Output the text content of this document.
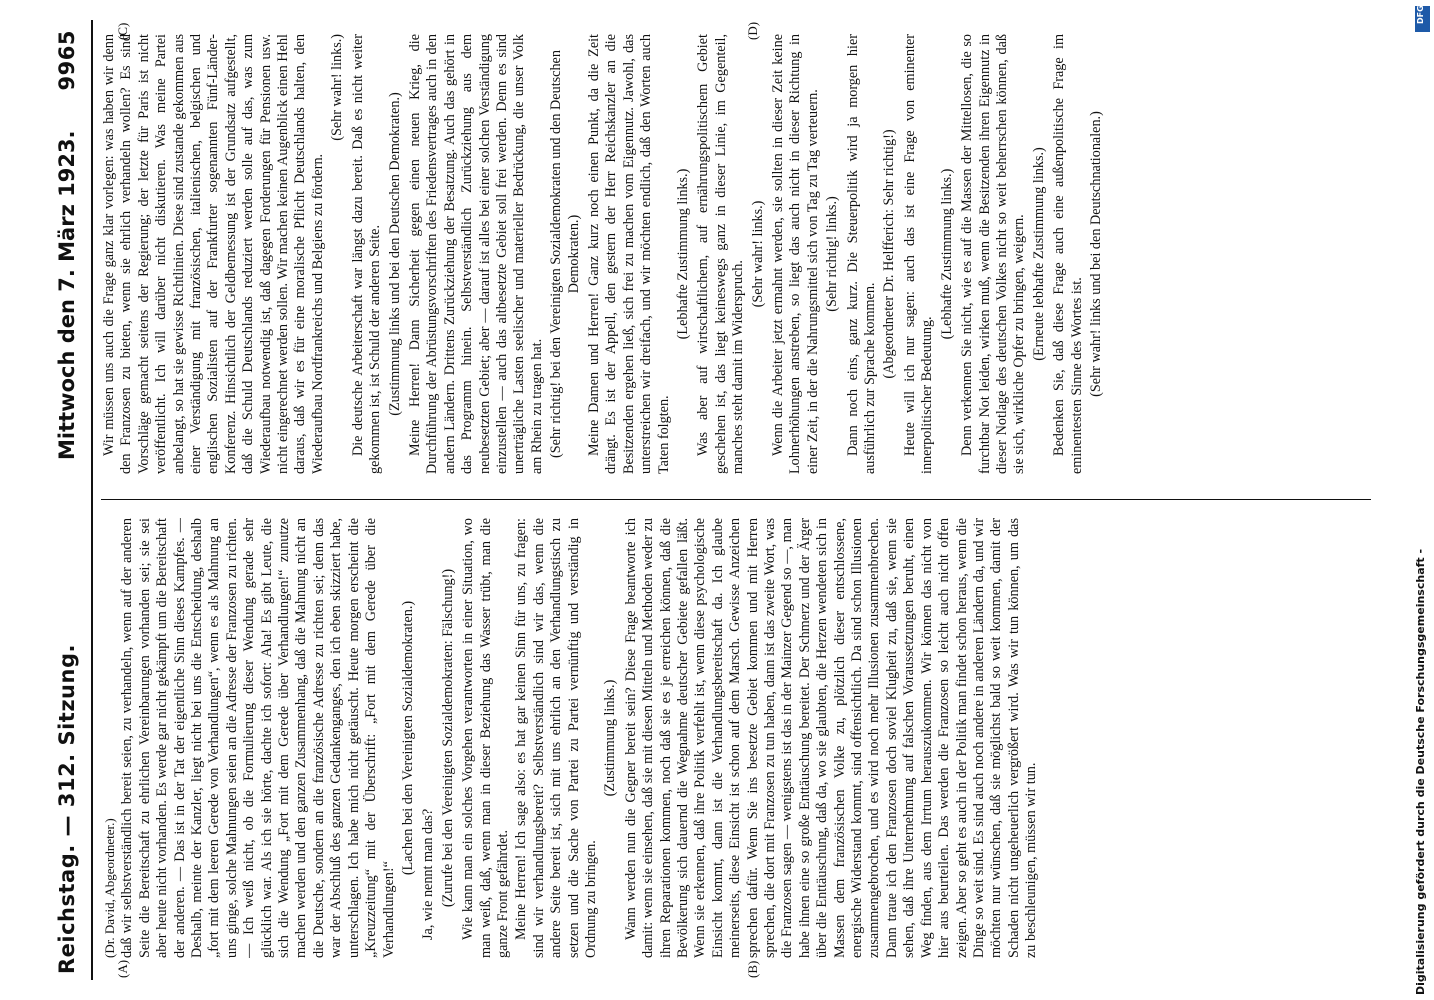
Reichstag. — 312. Sitzung.
Mittwoch den 7. März 1923.
9965
(A)	(B)
(C)	(D)

(Dr. David, Abgeordneter.) daß wir selbstverständlich bereit seien, zu verhandeln, wenn auf der anderen Seite die Bereitschaft zu ehrlichen Vereinbarungen vorhanden sei; sie sei aber heute nicht vorhanden. Es werde gar nicht gekämpft um die Bereitschaft der anderen. — Das ist in der Tat der eigentliche Sinn dieses Kampfes. — Deshalb, meinte der Kanzler, liegt nicht bei uns die Entscheidung, deshalb „fort mit dem leeren Gerede von Verhandlungen“, wenn es als Mahnung an uns ginge, solche Mahnungen seien an die Adresse der Franzosen zu richten. — Ich weiß nicht, ob die Formulierung dieser Wendung gerade sehr glücklich war. Als ich sie hörte, dachte ich sofort: Aha! Es gibt Leute, die sich die Wendung „Fort mit dem Gerede über Verhandlungen!“ zunutze machen werden und den ganzen Zusammenhang, daß die Mahnung nicht an die Deutsche, sondern an die französische Adresse zu richten sei; denn das war der Abschluß des ganzen Gedankenganges, den ich eben skizziert habe, unterschlagen. Ich habe mich nicht getäuscht. Heute morgen erscheint die „Kreuzzeitung“ mit der Überschrift: „Fort mit dem Gerede über die Verhandlungen!“

(Lachen bei den Vereinigten Sozialdemokraten.) Ja, wie nennt man das? (Zurufe bei den Vereinigten Sozialdemokraten: Fälschung!) Wie kann man ein solches Vorgehen verantworten in einer Situation, wo man weiß, daß, wenn man in dieser Beziehung das Wasser trübt, man die ganze Front gefährdet. Meine Herren! Ich sage also: es hat gar keinen Sinn für uns, zu fragen: sind wir verhandlungsbereit? Selbstverständlich sind wir das, wenn die andere Seite bereit ist, sich mit uns ehrlich an den Verhandlungstisch zu setzen und die Sache von Partei zu Partei vernünftig und verständig in Ordnung zu bringen.

(Zustimmung links.) Wann werden nun die Gegner bereit sein? Diese Frage beantworte ich damit: wenn sie einsehen, daß sie mit diesen Mitteln und Methoden weder zu ihren Reparationen kommen, noch daß sie es je erreichen können, daß die Bevölkerung sich dauernd die Wegnahme deutscher Gebiete gefallen läßt. Wenn sie erkennen, daß ihre Politik verfehlt ist, wenn diese psychologische Einsicht kommt, dann ist die Verhandlungsbereitschaft da. Ich glaube meinerseits, diese Einsicht ist schon auf dem Marsch. Gewisse Anzeichen sprechen dafür. Wenn Sie ins besetzte Gebiet kommen und mit Herren sprechen, die dort mit Franzosen zu tun haben, dann ist das zweite Wort, was die Franzosen sagen — wenigstens ist das in der Mainzer Gegend so —, man habe ihnen eine so große Enttäuschung bereitet. Der Schmerz und der Ärger über die Enttäuschung, daß da, wo sie glaubten, die Herzen wendeten sich in Massen dem französischen Volke zu, plötzlich dieser entschlossene, energische Widerstand kommt, sind offensichtlich. Da sind schon Illusionen zusammengebrochen, und es wird noch mehr Illusionen zusammenbrechen. Dann traue ich den Franzosen doch soviel Klugheit zu, daß sie, wenn sie sehen, daß ihre Unternehmung auf falschen Voraussetzungen beruht, einen Weg finden, aus dem Irrtum herauszukommen. Wir können das nicht von hier aus beurteilen. Das werden die Franzosen so leicht auch nicht offen zeigen. Aber so geht es auch in der Politik man findet schon heraus, wenn die Dinge so weit sind. Es sind auch noch andere in anderen Ländern da, und wir möchten nur wünschen, daß sie möglichst bald so weit kommen, damit der Schaden nicht ungeheuerlich vergrößert wird. Was wir tun können, um das zu beschleunigen, müssen wir tun.

Wir müssen uns auch die Frage ganz klar vorlegen: was haben wir denn den Franzosen zu bieten, wenn sie ehrlich verhandeln wollen? Es sind Vorschläge gemacht seitens der Regierung; der letzte für Paris ist nicht veröffentlicht. Ich will darüber nicht diskutieren. Was meine Partei anbelangt, so hat sie gewisse Richtlinien. Diese sind zustande gekommen aus einer Verständigung mit französischen, italienischen, belgischen und englischen Sozialisten auf der Frankfurter sogenannten Fünf-Länder-Konferenz. Hinsichtlich der Geldbemessung ist der Grundsatz aufgestellt, daß die Schuld Deutschlands reduziert werden solle auf das, was zum Wiederaufbau notwendig ist, daß dagegen Forderungen für Pensionen usw. nicht eingerechnet werden sollen. Wir machen keinen Augenblick einen Hehl daraus, daß wir es für eine moralische Pflicht Deutschlands halten, den Wiederaufbau Nordfrankreichs und Belgiens zu fördern.

(Sehr wahr! links.) Die deutsche Arbeiterschaft war längst dazu bereit. Daß es nicht weiter gekommen ist, ist Schuld der anderen Seite. (Zustimmung links und bei den Deutschen Demokraten.) Meine Herren! Dann Sicherheit gegen einen neuen Krieg, die Durchführung der Abrüstungsvorschriften des Friedensvertrages auch in den andern Ländern. Drittens Zurückziehung der Besatzung. Auch das gehört in das Programm hinein. Selbstverständlich Zurückziehung aus dem neubesetzten Gebiet; aber — darauf ist alles bei einer solchen Verständigung einzustellen — auch das altbesetzte Gebiet soll frei werden. Denn es sind unerträgliche Lasten seelischer und materieller Bedrückung, die unser Volk am Rhein zu tragen hat. (Sehr richtig! bei den Vereinigten Sozialdemokraten und den Deutschen Demokraten.) Meine Damen und Herren! Ganz kurz noch einen Punkt, da die Zeit drängt. Es ist der Appell, den gestern der Herr Reichskanzler an die Besitzenden ergehen ließ, sich frei zu machen vom Eigennutz. Jawohl, das unterstreichen wir dreifach, und wir möchten endlich, daß den Worten auch Taten folgten.

(Lebhafte Zustimmung links.) Was aber auf wirtschaftlichem, auf ernährungspolitischem Gebiet geschehen ist, das liegt keineswegs ganz in dieser Linie, im Gegenteil, manches steht damit im Widerspruch.

(Sehr wahr! links.) Wenn die Arbeiter jetzt ermahnt werden, sie sollten in dieser Zeit keine Lohnerhöhungen anstreben, so liegt das auch nicht in dieser Richtung in einer Zeit, in der die Nahrungsmittel sich von Tag zu Tag verteuern. (Sehr richtig! links.) Dann noch eins, ganz kurz. Die Steuerpolitik wird ja morgen hier ausführlich zur Sprache kommen. (Abgeordneter Dr. Helfferich: Sehr richtig!) Heute will ich nur sagen: auch das ist eine Frage von eminenter innerpolitischer Bedeutung.

(Lebhafte Zustimmung links.) Denn verkennen Sie nicht, wie es auf die Massen der Mittellosen, die so furchtbar Not leiden, wirken muß, wenn die Besitzenden ihren Eigennutz in dieser Notlage des deutschen Volkes nicht so weit beherrschen können, daß sie sich, wirkliche Opfer zu bringen, weigern. (Erneute lebhafte Zustimmung links.) Bedenken Sie, daß diese Frage auch eine außenpolitische Frage im eminentesten Sinne des Wortes ist. (Sehr wahr! links und bei den Deutschnationalen.)

DFG
Digitalisierung gefördert durch die Deutsche Forschungsgemeinschaft -
